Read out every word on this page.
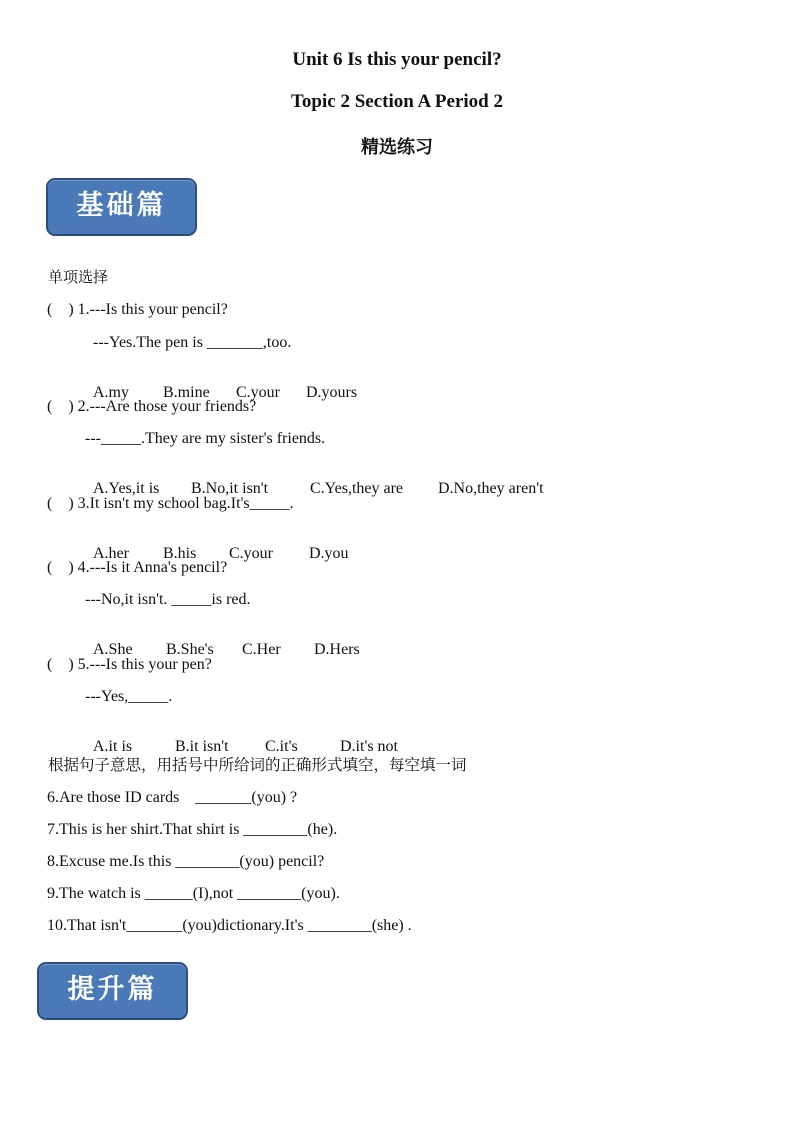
Unit 6 Is this your pencil?
Topic 2 Section A Period 2
精选练习
基础篇
单项选择
(    ) 1.---Is this your pencil?
---Yes.The pen is _______,too.

A.my B.mine C.your D.yours

(    ) 2.---Are those your friends?
---_____.They are my sister's friends.

A.Yes,it is B.No,it isn't	C.Yes,they are D.No,they aren't

(    ) 3.It isn't my school bag.It's_____.

A.her B.his C.your D.you

(    ) 4.---Is it Anna's pencil?
---No,it isn't. _____is red.

A.She B.She's C.Her D.Hers

(    ) 5.---Is this your pen?
---Yes,_____.

A.it is	B.it isn't C.it's	D.it's not

根据句子意思，用括号中所给词的正确形式填空，每空填一词
6.Are those ID cards    _______(you) ?
7.This is her shirt.That shirt is ________(he).
8.Excuse me.Is this ________(you) pencil?
9.The watch is ______(I),not ________(you).
10.That isn't_______(you)dictionary.It's ________(she) .
提升篇
